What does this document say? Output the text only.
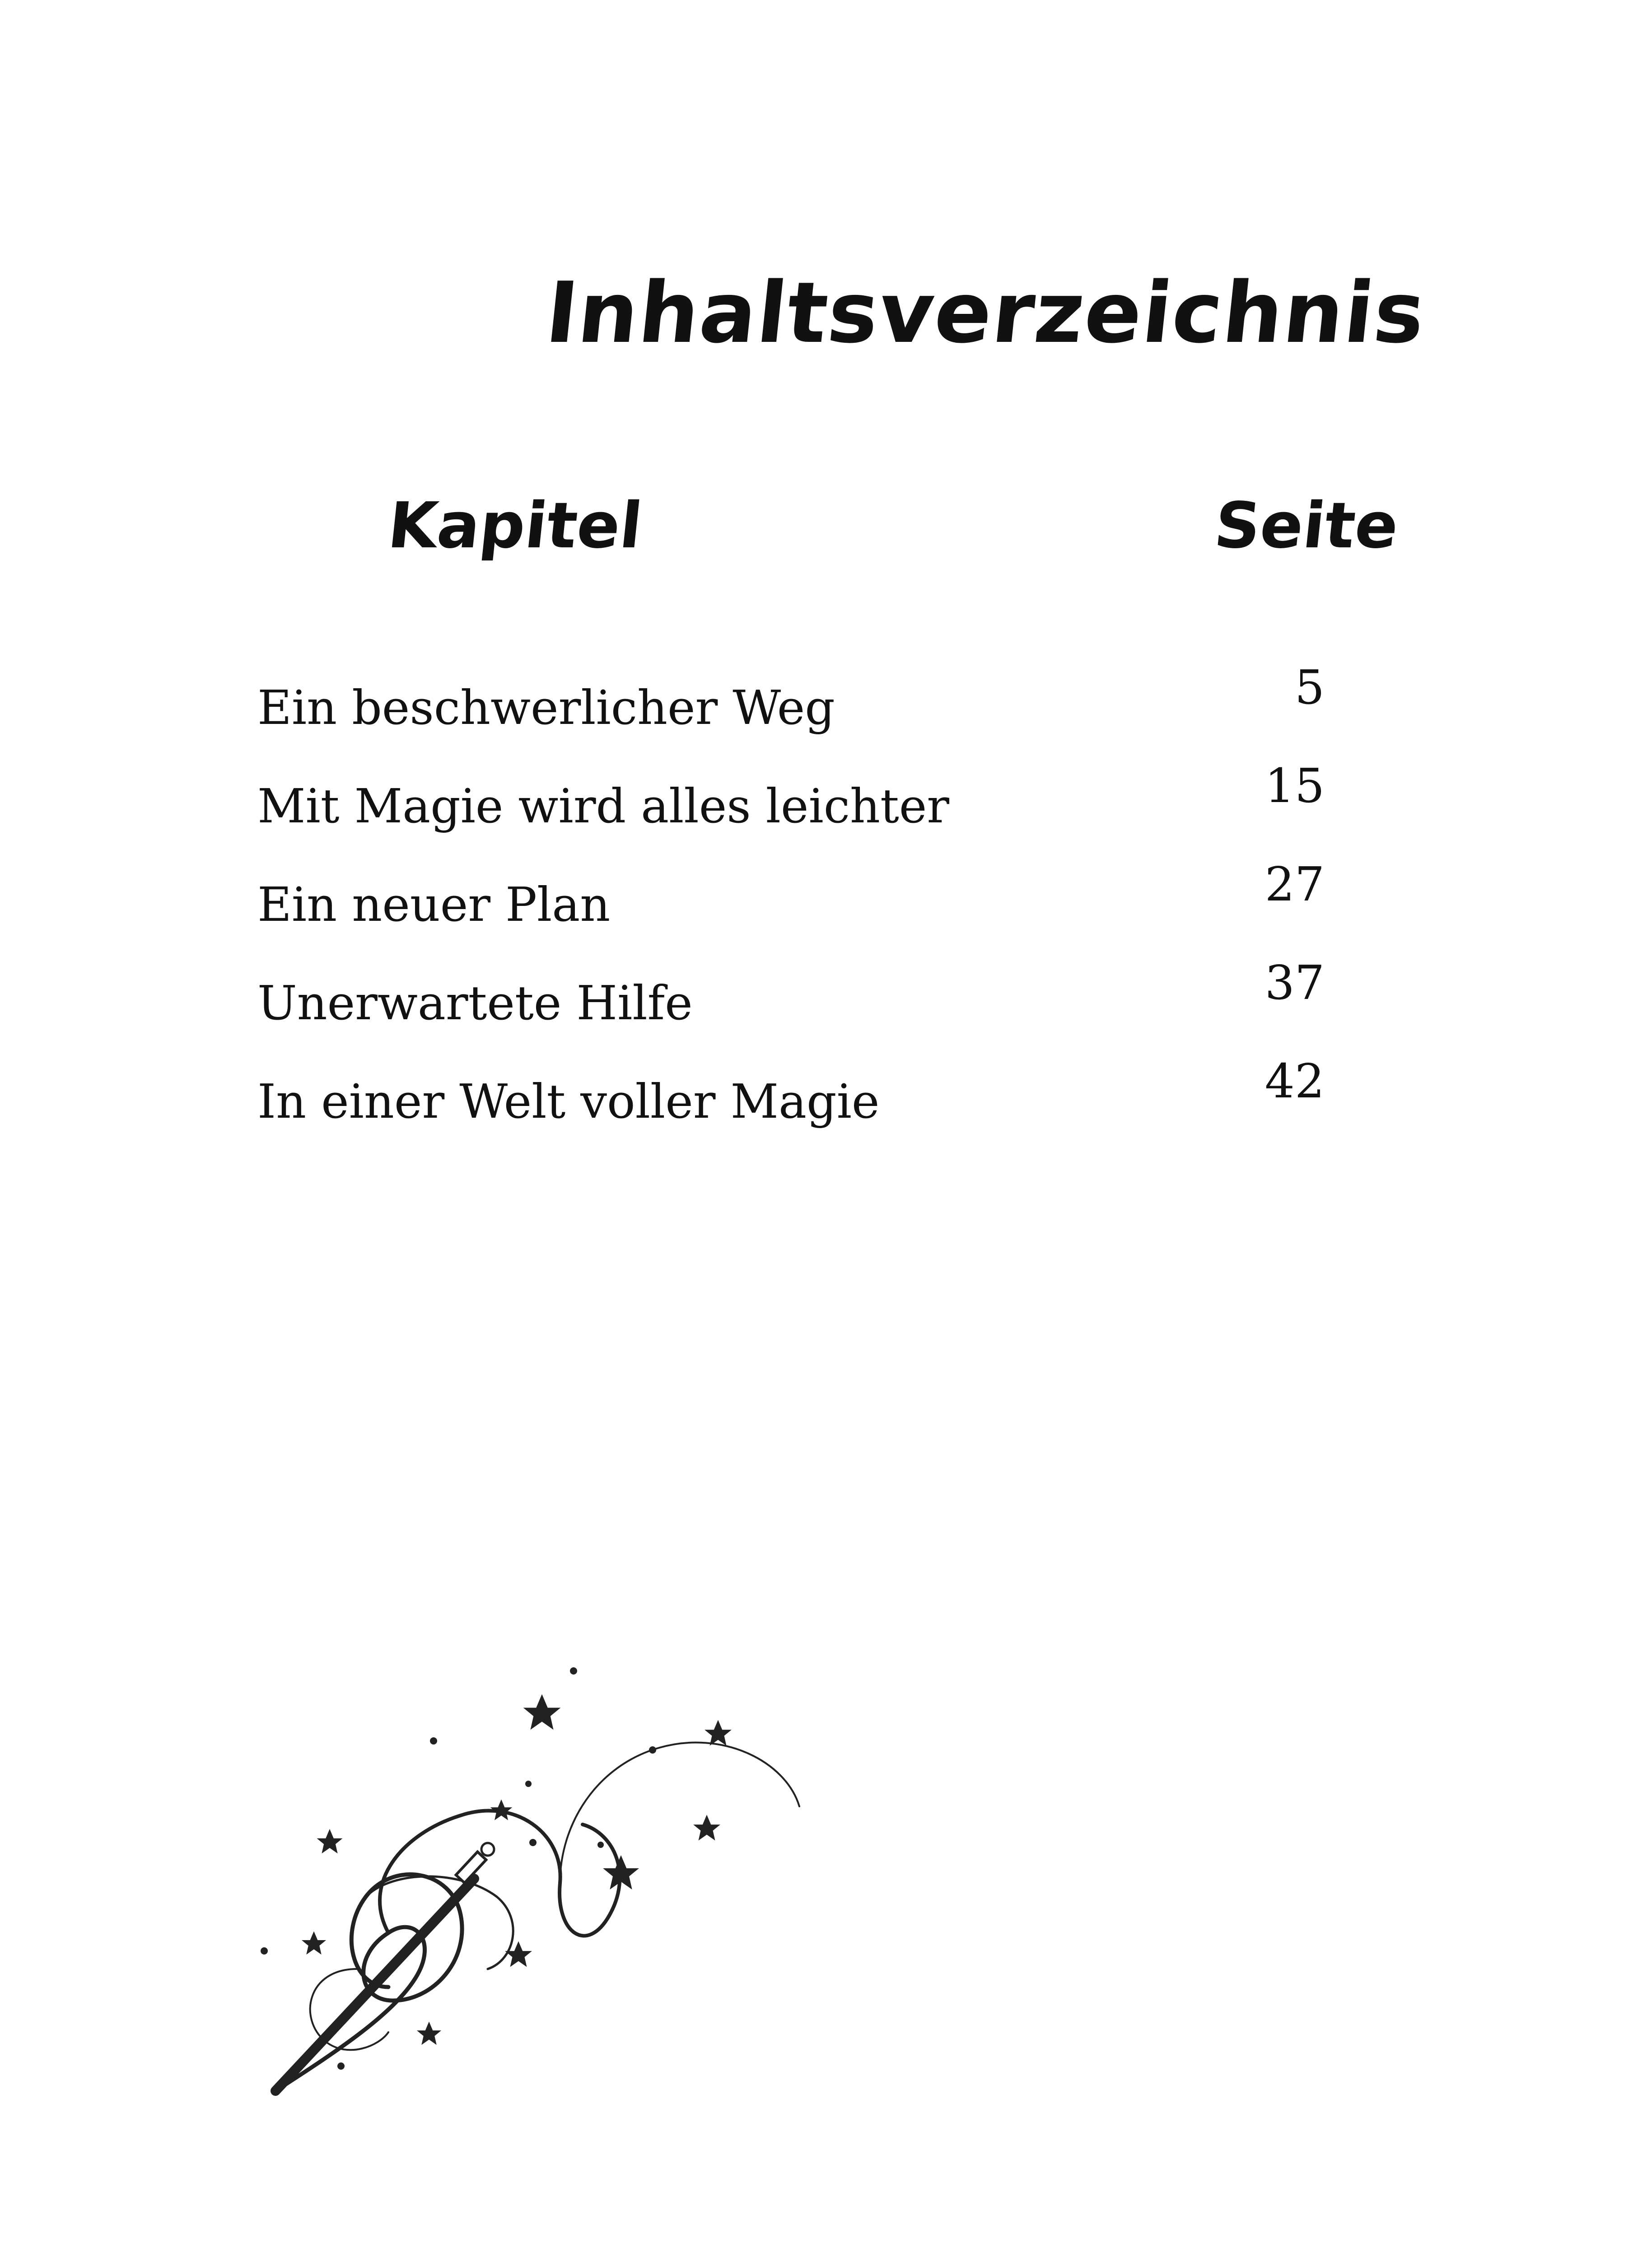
Inhaltsverzeichnis
Kapitel	Seite
Ein beschwerlicher Weg	5
Mit Magie wird alles leichter	15
Ein neuer Plan	27
Unerwartete Hilfe	37
In einer Welt voller Magie	42
